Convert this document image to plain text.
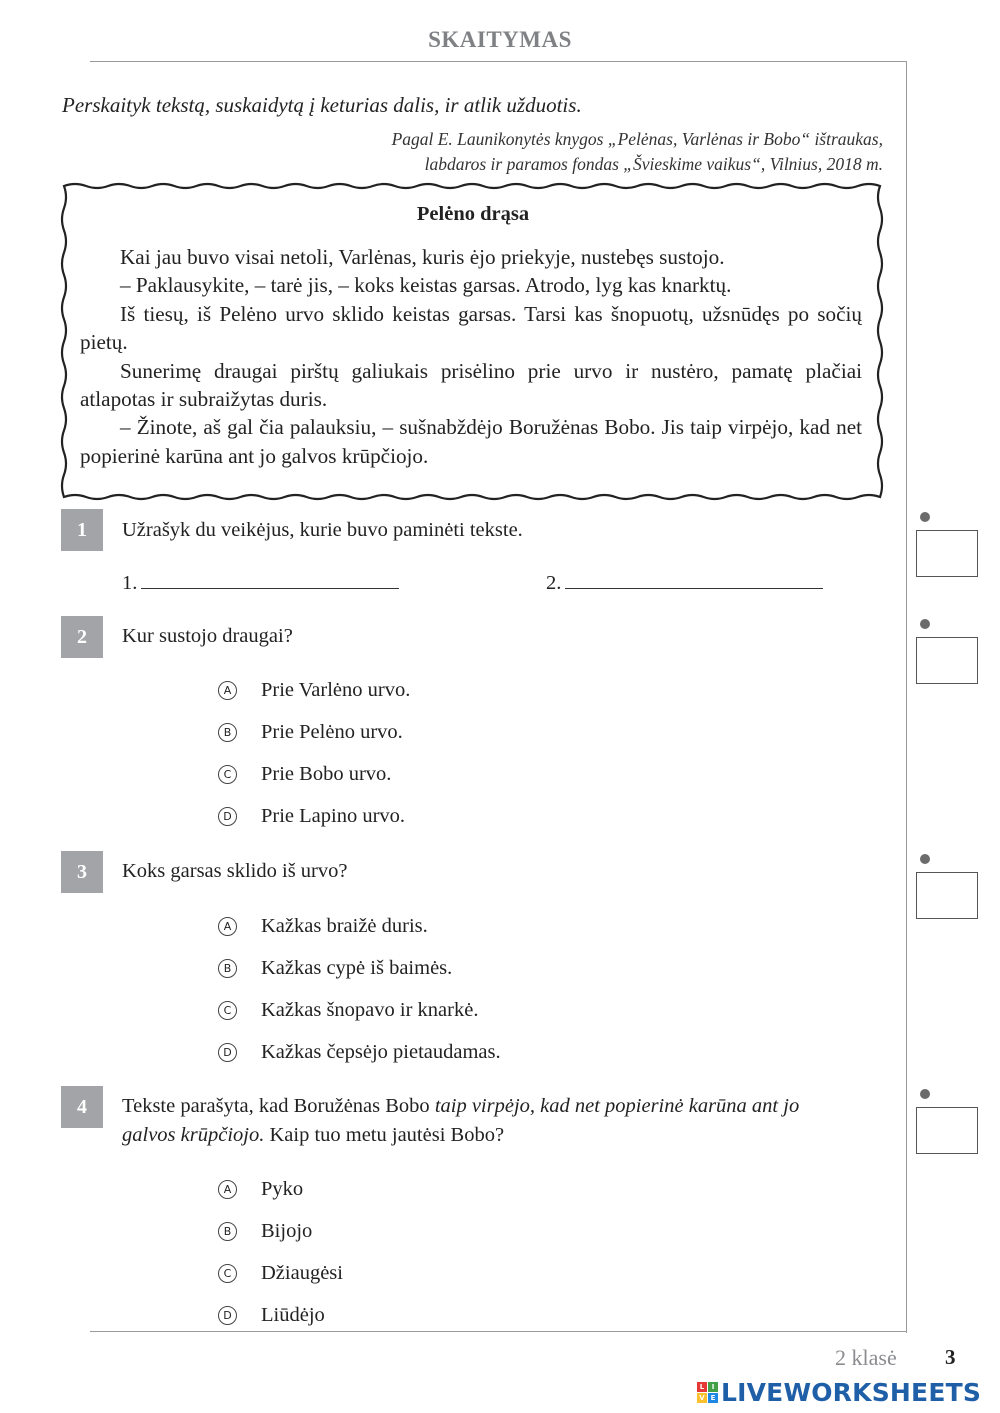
SKAITYMAS
Perskaityk tekstą, suskaidytą į keturias dalis, ir atlik užduotis.
Pagal E. Launikonytės knygos „Pelėnas, Varlėnas ir Bobo“ ištraukas,
labdaros ir paramos fondas „Švieskime vaikus“, Vilnius, 2018 m.
Pelėno drąsa

Kai jau buvo visai netoli, Varlėnas, kuris ėjo priekyje, nustebęs sustojo.

– Paklausykite, – tarė jis, – koks keistas garsas. Atrodo, lyg kas knarktų.

Iš tiesų, iš Pelėno urvo sklido keistas garsas. Tarsi kas šnopuotų, užsnūdęs po sočių pietų.

Sunerimę draugai pirštų galiukais prisėlino prie urvo ir nustėro, pamatę plačiai atlapotas ir subraižytas duris.

– Žinote, aš gal čia palauksiu, – sušnabždėjo Boružėnas Bobo. Jis taip virpėjo, kad net popierinė karūna ant jo galvos krūpčiojo.

1	Užrašyk du veikėjus, kurie buvo paminėti tekste.
1.	2.
2	Kur sustojo draugai?
A Prie Varlėno urvo.
B Prie Pelėno urvo.
C Prie Bobo urvo.
D Prie Lapino urvo.
3	Koks garsas sklido iš urvo?
A Kažkas braižė duris.
B Kažkas cypė iš baimės.
C Kažkas šnopavo ir knarkė.
D Kažkas čepsėjo pietaudamas.
4	Tekste parašyta, kad Boružėnas Bobo taip virpėjo, kad net popierinė karūna ant jo
galvos krūpčiojo. Kaip tuo metu jautėsi Bobo?
A Pyko
B Bijojo
C Džiaugėsi
D Liūdėjo
2 klasė 3
L	I
V E LIVEWORKSHEETS
